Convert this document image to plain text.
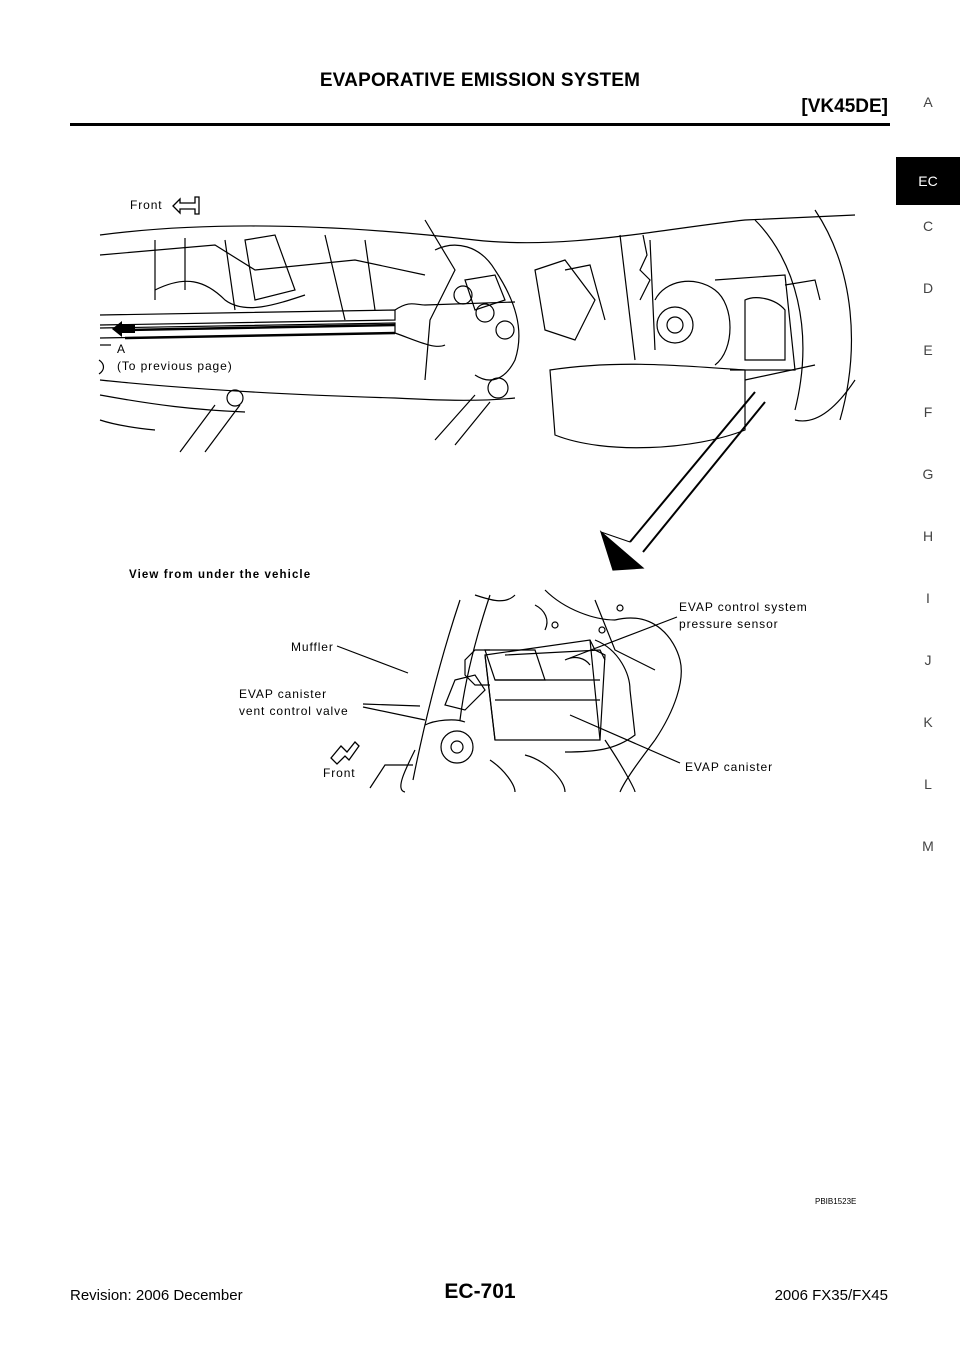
EVAPORATIVE EMISSION SYSTEM
[VK45DE]	A
EC
C
D
E
F
G
H
I
J
K
L
M
Front
A
(To previous page)
View from under the vehicle
EVAP control system
pressure sensor
Muffler
EVAP canister
vent control valve
Front	EVAP canister
PBIB1523E
Revision: 2006 December	EC-701	2006 FX35/FX45
